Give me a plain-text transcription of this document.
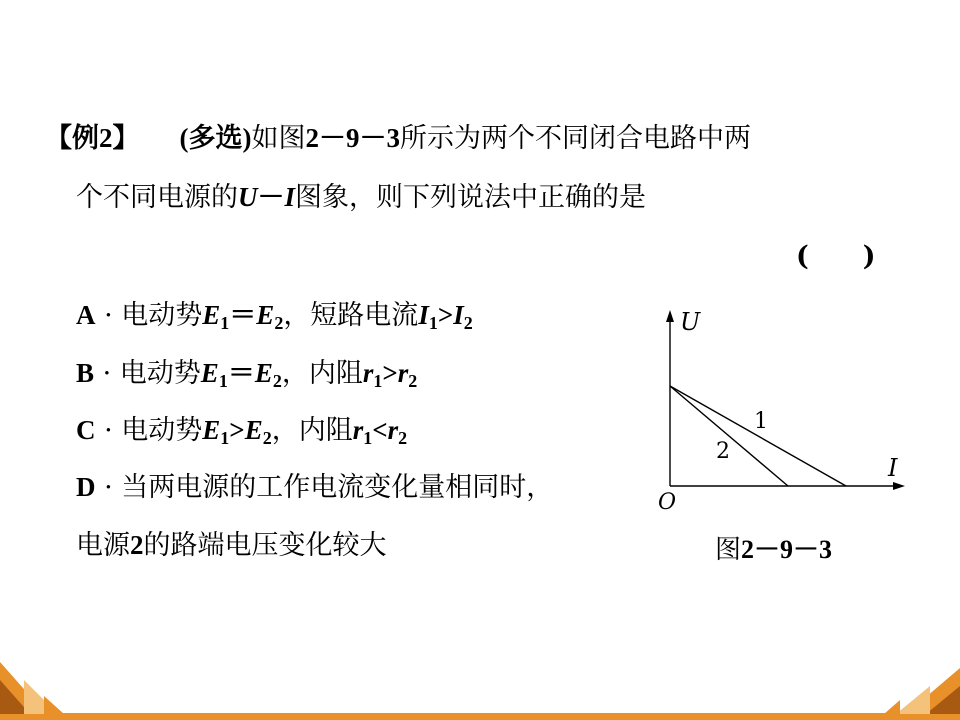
【例2】 (多选)如图2－9－3所示为两个不同闭合电路中两
个不同电源的U－I图象，则下列说法中正确的是
( )
A · 电动势$E_1=E_2$，短路电流$I_1>I_2$
B · 电动势$E_1=E_2$，内阻$r_1>r_2$
C · 电动势$E_1>E_2$，内阻$r_1<r_2$
D · 当两电源的工作电流变化量相同时，
电源2的路端电压变化较大
U
I
O
1
2
图2－9－3
